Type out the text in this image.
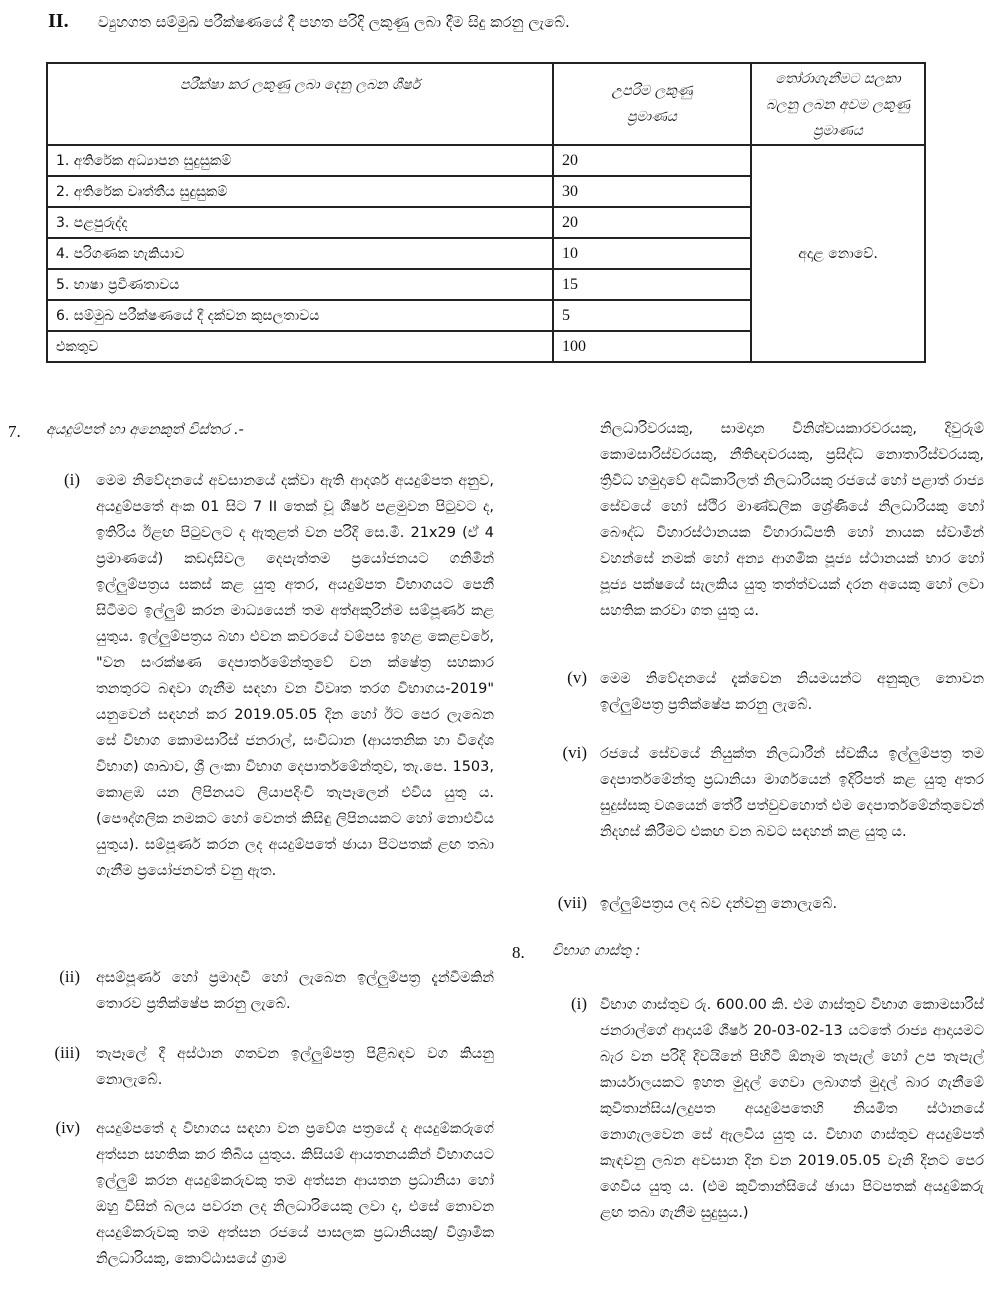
II. ව්‍යුහගත සම්මුඛ පරීක්ෂණයේ දී පහත පරිදි ලකුණු ලබා දීම සිදු කරනු ලැබේ.
පරීක්ෂා කර ලකුණු ලබා දෙනු ලබන ශීර්ෂ	උපරිම ලකුණු ප්‍රමාණය	තෝරාගැනීමට සලකා බලනු ලබන අවම ලකුණු ප්‍රමාණය
1. අතිරේක අධ්‍යාපන සුදුසුකම්	20	අදාළ නොවේ.
2. අතිරේක වෘත්තීය සුදුසුකම්	30	
3. පළපුරුද්ද	20	
4. පරිගණක හැකියාව	10	
5. භාෂා ප්‍රවීණතාවය	15	
6. සම්මුඛ පරීක්ෂණයේ දී දක්වන කුසලතාවය	5	
එකතුව	100	
7. අයදුම්පත් හා අනෙකුත් විස්තර .-
(i) මෙම නිවේදනයේ අවසානයේ දක්වා ඇති ආදර්ශ අයදුම්පත අනුව, අයදුම්පතේ අංක 01 සිට 7 II තෙක් වූ ශීර්ෂ පළමුවන පිටුවට ද, ඉතිරිය ඊළඟ පිටුවලට ද ඇතුළත් වන පරිදි සෙ.මී. 21x29 (ඒ 4 ප්‍රමාණයේ) කඩදාසිවල දෙපැත්තම ප්‍රයෝජනයට ගනිමින් ඉල්ලුම්පත්‍රය සකස් කළ යුතු අතර, අයදුම්පත විභාගයට පෙනී සිටීමට ඉල්ලුම් කරන මාධ්‍යයෙන් තම අත්අකුරින්ම සම්පූර්ණ කළ යුතුය. ඉල්ලුම්පත්‍රය බහා එවන කවරයේ වම්පස ඉහළ කෙළවරේ, "වන සංරක්ෂණ දෙපාර්තමේන්තුවේ වන ක්ෂේත්‍ර සහකාර තනතුරට බඳවා ගැනීම සඳහා වන විවෘත තරග විභාගය-2019" යනුවෙන් සඳහන් කර 2019.05.05 දින හෝ ඊට පෙර ලැබෙන සේ විභාග කොමසාරිස් ජනරාල්, සංවිධාන (ආයතනික හා විදේශ විභාග) ශාඛාව, ශ්‍රී ලංකා විභාග දෙපාර්තමේන්තුව, තැ.පෙ. 1503, කොළඹ යන ලිපිනයට ලියාපදිංචි තැපෑලෙන් එවිය යුතු ය. (පෞද්ගලික නමකට හෝ වෙනත් කිසිඳු ලිපිනයකට හෝ නොඑවිය යුතුය). සම්පූර්ණ කරන ලද අයදුම්පතේ ඡායා පිටපතක් ළඟ තබා ගැනීම ප්‍රයෝජනවත් වනු ඇත.
(ii) අසම්පූර්ණ හෝ ප්‍රමාදවී හෝ ලැබෙන ඉල්ලුම්පත්‍ර දැන්වීමකින් තොරව ප්‍රතික්ෂේප කරනු ලැබේ.
(iii) තැපෑලේ දී අස්ථාන ගතවන ඉල්ලුම්පත්‍ර පිළිබඳව වග කියනු නොලැබේ.
(iv) අයදුම්පතේ ද විභාගය සඳහා වන ප්‍රවේශ පත්‍රයේ ද අයදුම්කරුගේ අත්සන සහතික කර තිබිය යුතුය. කිසියම් ආයතනයකින් විභාගයට ඉල්ලුම් කරන අයදුම්කරුවකු තම අත්සන ආයතන ප්‍රධානියා හෝ ඔහු විසින් බලය පවරන ලද නිලධාරියෙකු ලවා ද, එසේ නොවන අයදුම්කරුවකු තම අත්සන රජයේ පාසලක ප්‍රධානියකු/ විශ්‍රාමික නිලධාරියකු, කොට්ඨාසයේ ග්‍රාම
නිලධාරිවරයකු, සාමදාන විනිශ්චයකාරවරයකු, දිවුරුම් කොමසාරිස්වරයකු, නීතිඥවරයකු, ප්‍රසිද්ධ නොතාරිස්වරයකු, ත්‍රිවිධ හමුදාවේ අධිකාරිලත් නිලධාරියකු රජයේ හෝ පළාත් රාජ්‍ය සේවයේ හෝ ස්ථිර මාණ්ඩලික ශ්‍රේණියේ නිලධාරියකු හෝ බෞද්ධ විහාරස්ථානයක විහාරාධිපති හෝ නායක ස්වාමීන් වහන්සේ නමක් හෝ අන්‍ය ආගමික පූජ්‍ය ස්ථානයක් භාර හෝ පූජ්‍ය පක්ෂයේ සැලකිය යුතු තත්ත්වයක් දරන අයෙකු හෝ ලවා සහතික කරවා ගත යුතු ය.
(v) මෙම නිවේදනයේ දැක්වෙන නියමයන්ට අනුකූල නොවන ඉල්ලුම්පත්‍ර ප්‍රතික්ෂේප කරනු ලැබේ.
(vi) රජයේ සේවයේ නියුක්ත නිලධාරීන් ස්වකීය ඉල්ලුම්පත්‍ර තම දෙපාර්තමේන්තු ප්‍රධානියා මාර්ගයෙන් ඉදිරිපත් කළ යුතු අතර සුදුස්සකු වශයෙන් තේරී පත්වුවහොත් එම දෙපාර්තමේන්තුවෙන් නිදහස් කිරීමට එකඟ වන බවට සඳහන් කළ යුතු ය.
(vii) ඉල්ලුම්පත්‍රය ලද බව දන්වනු නොලැබේ.
8. විභාග ගාස්තු :
(i) විභාග ගාස්තුව රු. 600.00 කි. එම ගාස්තුව විභාග කොමසාරිස් ජනරාල්ගේ ආදායම් ශීර්ෂ 20-03-02-13 යටතේ රාජ්‍ය ආදායමට බැර වන පරිදි දිවයිනේ පිහිටි ඕනෑම තැපැල් හෝ උප තැපැල් කාර්යාලයකට ඉහත මුදල් ගෙවා ලබාගත් මුදල් බාර ගැනීමේ කුවිතාන්සිය/ලදුපත අයදුම්පතෙහි නියමිත ස්ථානයේ නොගැලවෙන සේ ඇලවිය යුතු ය. විභාග ගාස්තුව අයදුම්පත් කැඳවනු ලබන අවසාන දින වන 2019.05.05 වැනි දිනට පෙර ගෙවිය යුතු ය. (එම කුවිතාන්සියේ ඡායා පිටපතක් අයදුම්කරු ළඟ තබා ගැනීම සුදුසුය.)
